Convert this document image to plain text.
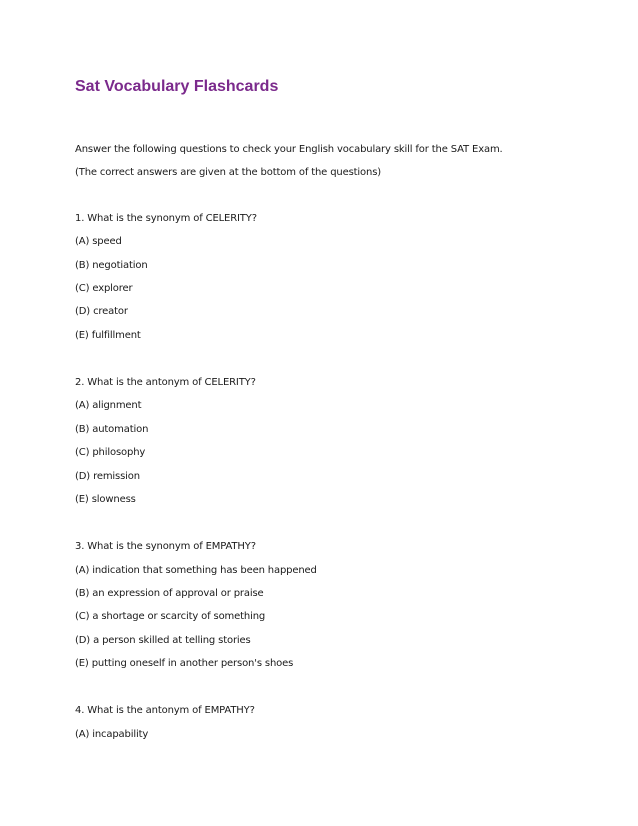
Sat Vocabulary Flashcards
Answer the following questions to check your English vocabulary skill for the SAT Exam.
(The correct answers are given at the bottom of the questions)
1. What is the synonym of CELERITY?
(A) speed
(B) negotiation
(C) explorer
(D) creator
(E) fulfillment
2. What is the antonym of CELERITY?
(A) alignment
(B) automation
(C) philosophy
(D) remission
(E) slowness
3. What is the synonym of EMPATHY?
(A) indication that something has been happened
(B) an expression of approval or praise
(C) a shortage or scarcity of something
(D) a person skilled at telling stories
(E) putting oneself in another person's shoes
4. What is the antonym of EMPATHY?
(A) incapability
